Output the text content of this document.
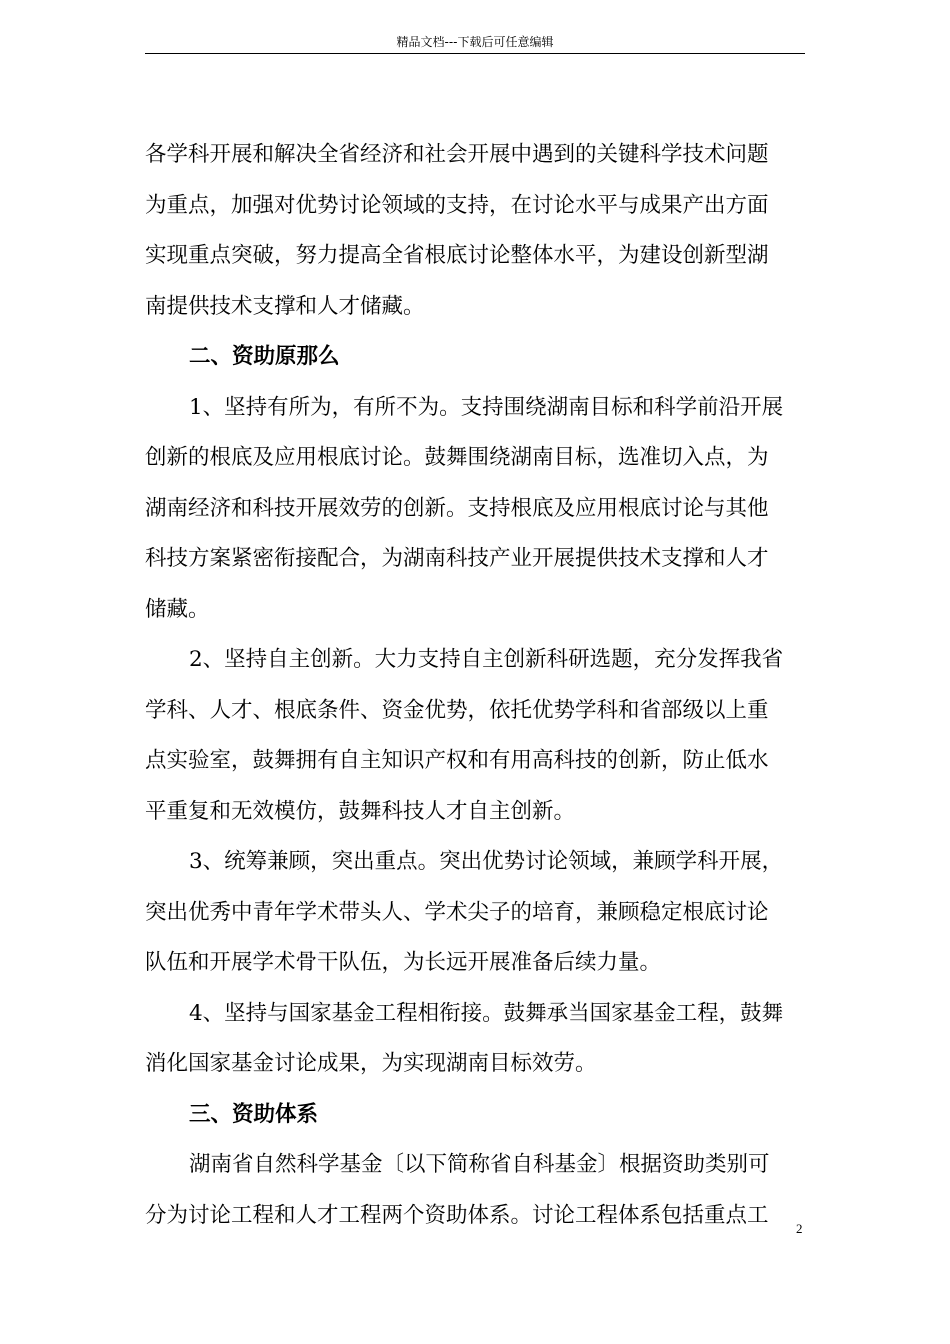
精品文档---下载后可任意编辑
各学科开展和解决全省经济和社会开展中遇到的关键科学技术问题
为重点，加强对优势讨论领域的支持，在讨论水平与成果产出方面
实现重点突破，努力提高全省根底讨论整体水平，为建设创新型湖
南提供技术支撑和人才储藏。
二、资助原那么
1、坚持有所为，有所不为。支持围绕湖南目标和科学前沿开展
创新的根底及应用根底讨论。鼓舞围绕湖南目标，选准切入点，为
湖南经济和科技开展效劳的创新。支持根底及应用根底讨论与其他
科技方案紧密衔接配合，为湖南科技产业开展提供技术支撑和人才
储藏。
2、坚持自主创新。大力支持自主创新科研选题，充分发挥我省
学科、人才、根底条件、资金优势，依托优势学科和省部级以上重
点实验室，鼓舞拥有自主知识产权和有用高科技的创新，防止低水
平重复和无效模仿，鼓舞科技人才自主创新。
3、统筹兼顾，突出重点。突出优势讨论领域，兼顾学科开展，
突出优秀中青年学术带头人、学术尖子的培育，兼顾稳定根底讨论
队伍和开展学术骨干队伍，为长远开展准备后续力量。
4、坚持与国家基金工程相衔接。鼓舞承当国家基金工程，鼓舞
消化国家基金讨论成果，为实现湖南目标效劳。
三、资助体系
湖南省自然科学基金〔以下简称省自科基金〕根据资助类别可
分为讨论工程和人才工程两个资助体系。讨论工程体系包括重点工
2
